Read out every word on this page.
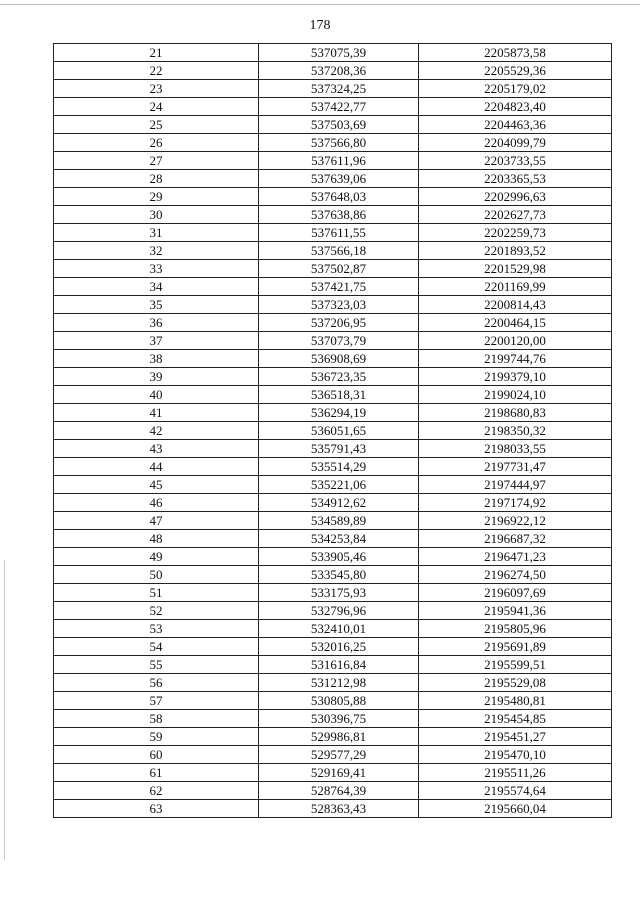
178
21	537075,39	2205873,58
22	537208,36	2205529,36
23	537324,25	2205179,02
24	537422,77	2204823,40
25	537503,69	2204463,36
26	537566,80	2204099,79
27	537611,96	2203733,55
28	537639,06	2203365,53
29	537648,03	2202996,63
30	537638,86	2202627,73
31	537611,55	2202259,73
32	537566,18	2201893,52
33	537502,87	2201529,98
34	537421,75	2201169,99
35	537323,03	2200814,43
36	537206,95	2200464,15
37	537073,79	2200120,00
38	536908,69	2199744,76
39	536723,35	2199379,10
40	536518,31	2199024,10
41	536294,19	2198680,83
42	536051,65	2198350,32
43	535791,43	2198033,55
44	535514,29	2197731,47
45	535221,06	2197444,97
46	534912,62	2197174,92
47	534589,89	2196922,12
48	534253,84	2196687,32
49	533905,46	2196471,23
50	533545,80	2196274,50
51	533175,93	2196097,69
52	532796,96	2195941,36
53	532410,01	2195805,96
54	532016,25	2195691,89
55	531616,84	2195599,51
56	531212,98	2195529,08
57	530805,88	2195480,81
58	530396,75	2195454,85
59	529986,81	2195451,27
60	529577,29	2195470,10
61	529169,41	2195511,26
62	528764,39	2195574,64
63	528363,43	2195660,04
